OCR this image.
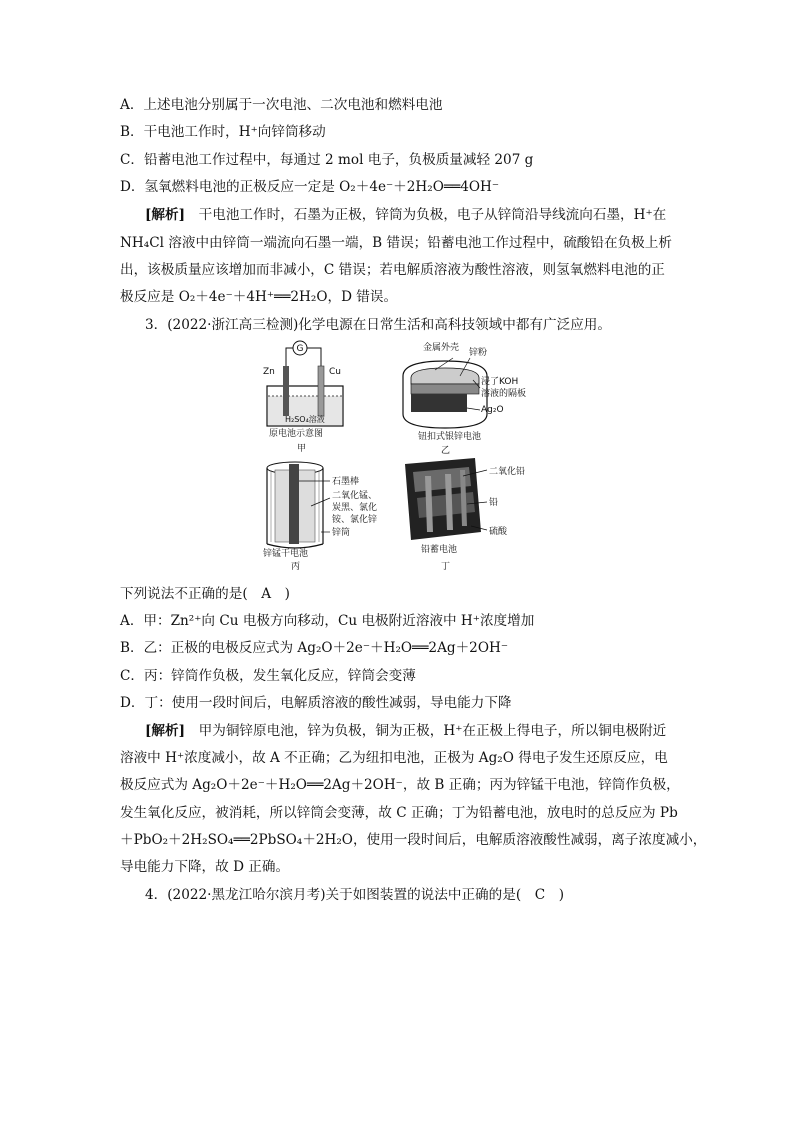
A．上述电池分别属于一次电池、二次电池和燃料电池
B．干电池工作时，H⁺向锌筒移动
C．铅蓄电池工作过程中，每通过 2 mol 电子，负极质量减轻 207 g
D．氢氧燃料电池的正极反应一定是 O₂＋4e⁻＋2H₂O══4OH⁻
[解析]　 干电池工作时，石墨为正极，锌筒为负极，电子从锌筒沿导线流向石墨，H⁺在
NH₄Cl 溶液中由锌筒一端流向石墨一端，B 错误；铅蓄电池工作过程中，硫酸铅在负极上析
出，该极质量应该增加而非减小，C 错误；若电解质溶液为酸性溶液，则氢氧燃料电池的正
极反应是 O₂＋4e⁻＋4H⁺══2H₂O，D 错误。
3．(2022·浙江高三检测)化学电源在日常生活和高科技领域中都有广泛应用。
G
Zn	Cu
H₂SO₄溶液
原电池示意图
甲
金属外壳 锌粉
浸了KOH
溶液的隔板
Ag₂O
钮扣式银锌电池
乙
石墨棒
二氧化锰、
炭黑、氯化
铵、氯化锌
锌筒
锌锰干电池
丙
二氧化铅
铅
硫酸
铅蓄电池
丁
下列说法不正确的是(　A　)
A．甲：Zn²⁺向 Cu 电极方向移动，Cu 电极附近溶液中 H⁺浓度增加
B．乙：正极的电极反应式为 Ag₂O＋2e⁻＋H₂O══2Ag＋2OH⁻
C．丙：锌筒作负极，发生氧化反应，锌筒会变薄
D．丁：使用一段时间后，电解质溶液的酸性减弱，导电能力下降
[解析]　 甲为铜锌原电池，锌为负极，铜为正极，H⁺在正极上得电子，所以铜电极附近
溶液中 H⁺浓度减小，故 A 不正确；乙为纽扣电池，正极为 Ag₂O 得电子发生还原反应，电
极反应式为 Ag₂O＋2e⁻＋H₂O══2Ag＋2OH⁻，故 B 正确；丙为锌锰干电池，锌筒作负极，
发生氧化反应，被消耗，所以锌筒会变薄，故 C 正确；丁为铅蓄电池，放电时的总反应为 Pb
＋PbO₂＋2H₂SO₄══2PbSO₄＋2H₂O，使用一段时间后，电解质溶液酸性减弱，离子浓度减小，
导电能力下降，故 D 正确。
4．(2022·黑龙江哈尔滨月考)关于如图装置的说法中正确的是(　C　)
